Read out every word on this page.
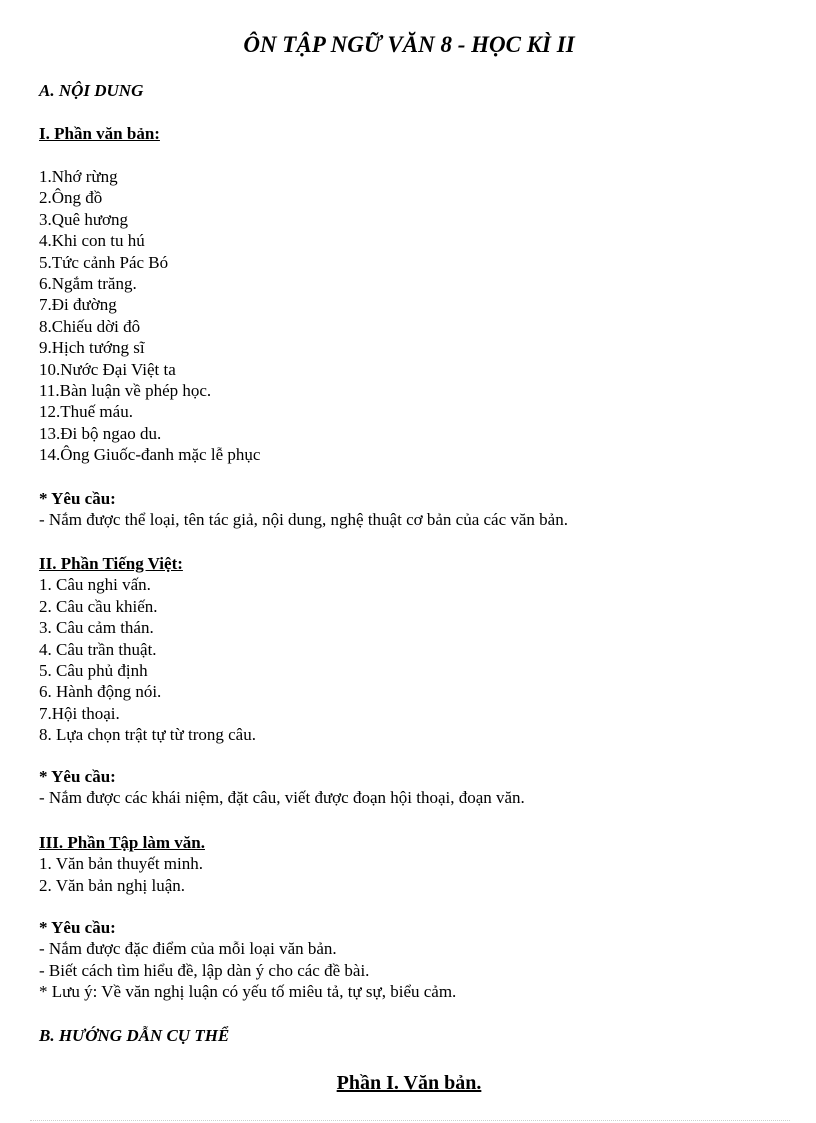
ÔN TẬP NGỮ VĂN 8 - HỌC KÌ II
A. NỘI DUNG
I. Phần văn bản:
1.Nhớ rừng
2.Ông đồ
3.Quê hương
4.Khi con tu hú
5.Tức cảnh Pác Bó
6.Ngắm trăng.
7.Đi đường
8.Chiếu dời đô
9.Hịch tướng sĩ
10.Nước Đại Việt ta
11.Bàn luận về phép học.
12.Thuế máu.
13.Đi bộ ngao du.
14.Ông Giuốc-đanh mặc lễ phục
* Yêu cầu:
- Nắm được thể loại, tên tác giả, nội dung, nghệ thuật cơ bản của các văn bản.
II. Phần Tiếng Việt:
1. Câu nghi vấn.
2. Câu cầu khiến.
3. Câu cảm thán.
4. Câu trần thuật.
5. Câu phủ định
6. Hành động nói.
7.Hội thoại.
8. Lựa chọn trật tự từ trong câu.
* Yêu cầu:
- Nắm được các khái niệm, đặt câu, viết được đoạn hội thoại, đoạn văn.
III. Phần Tập làm văn.
1. Văn bản thuyết minh.
2. Văn bản nghị luận.
* Yêu cầu:
- Nắm được đặc điểm của mỗi loại văn bản.
- Biết cách tìm hiểu đề, lập dàn ý cho các đề bài.
* Lưu ý: Về văn nghị luận có yếu tố miêu tả, tự sự, biểu cảm.
B. HƯỚNG DẪN CỤ THỂ
Phần I. Văn bản.
